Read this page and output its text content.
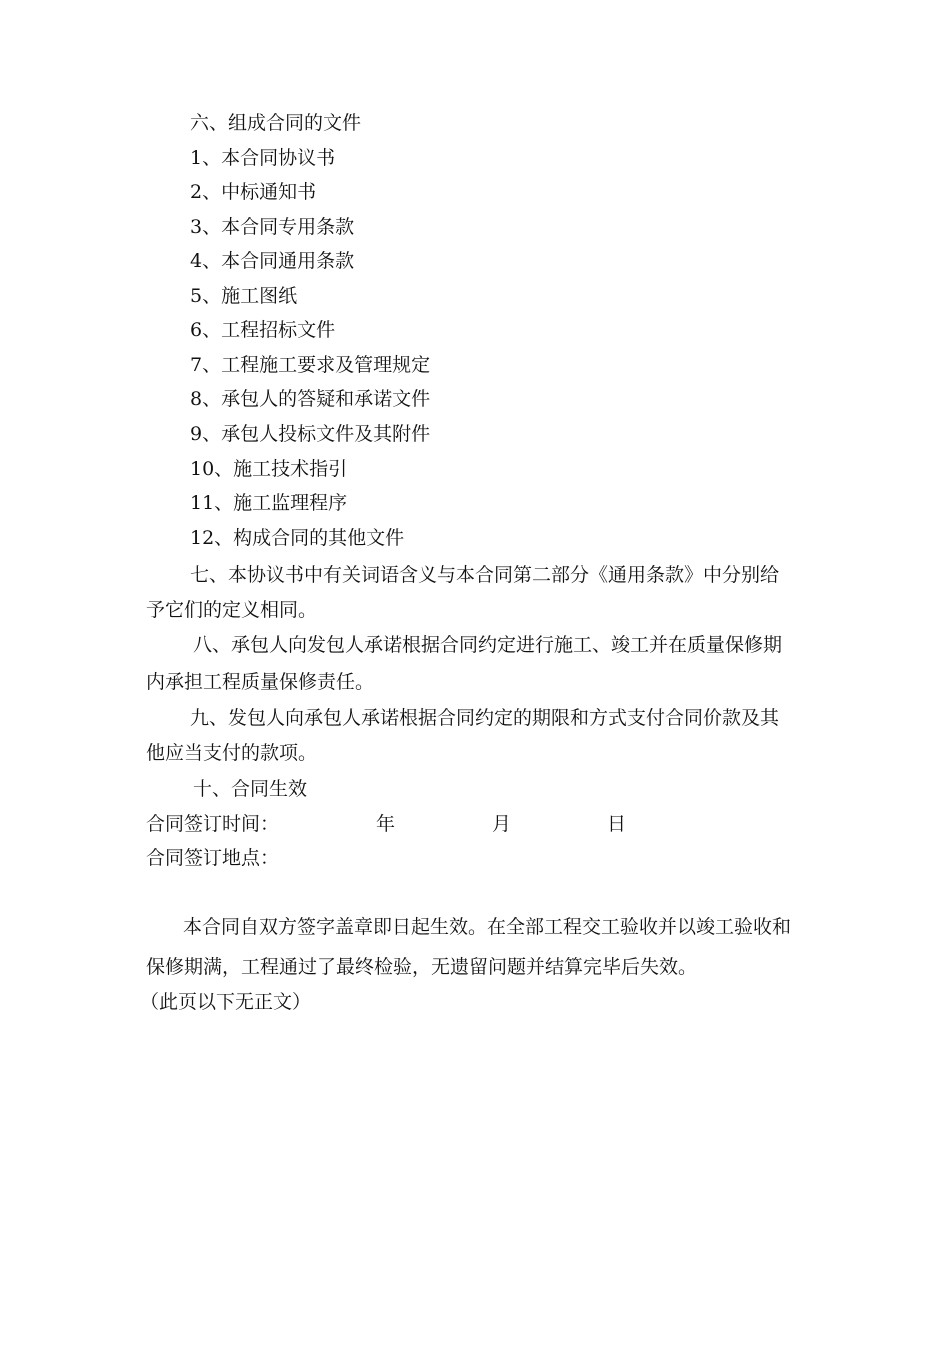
六、组成合同的文件
1、本合同协议书
2、中标通知书
3、本合同专用条款
4、本合同通用条款
5、施工图纸
6、工程招标文件
7、工程施工要求及管理规定
8、承包人的答疑和承诺文件
9、承包人投标文件及其附件
10、施工技术指引
11、施工监理程序
12、构成合同的其他文件
七、本协议书中有关词语含义与本合同第二部分《通用条款》中分别给
予它们的定义相同。
八、承包人向发包人承诺根据合同约定进行施工、竣工并在质量保修期
内承担工程质量保修责任。
九、发包人向承包人承诺根据合同约定的期限和方式支付合同价款及其
他应当支付的款项。
十、合同生效
合同签订时间：	年	月	日
合同签订地点：
本合同自双方签字盖章即日起生效。在全部工程交工验收并以竣工验收和
保修期满，工程通过了最终检验，无遗留问题并结算完毕后失效。
（此页以下无正文）
